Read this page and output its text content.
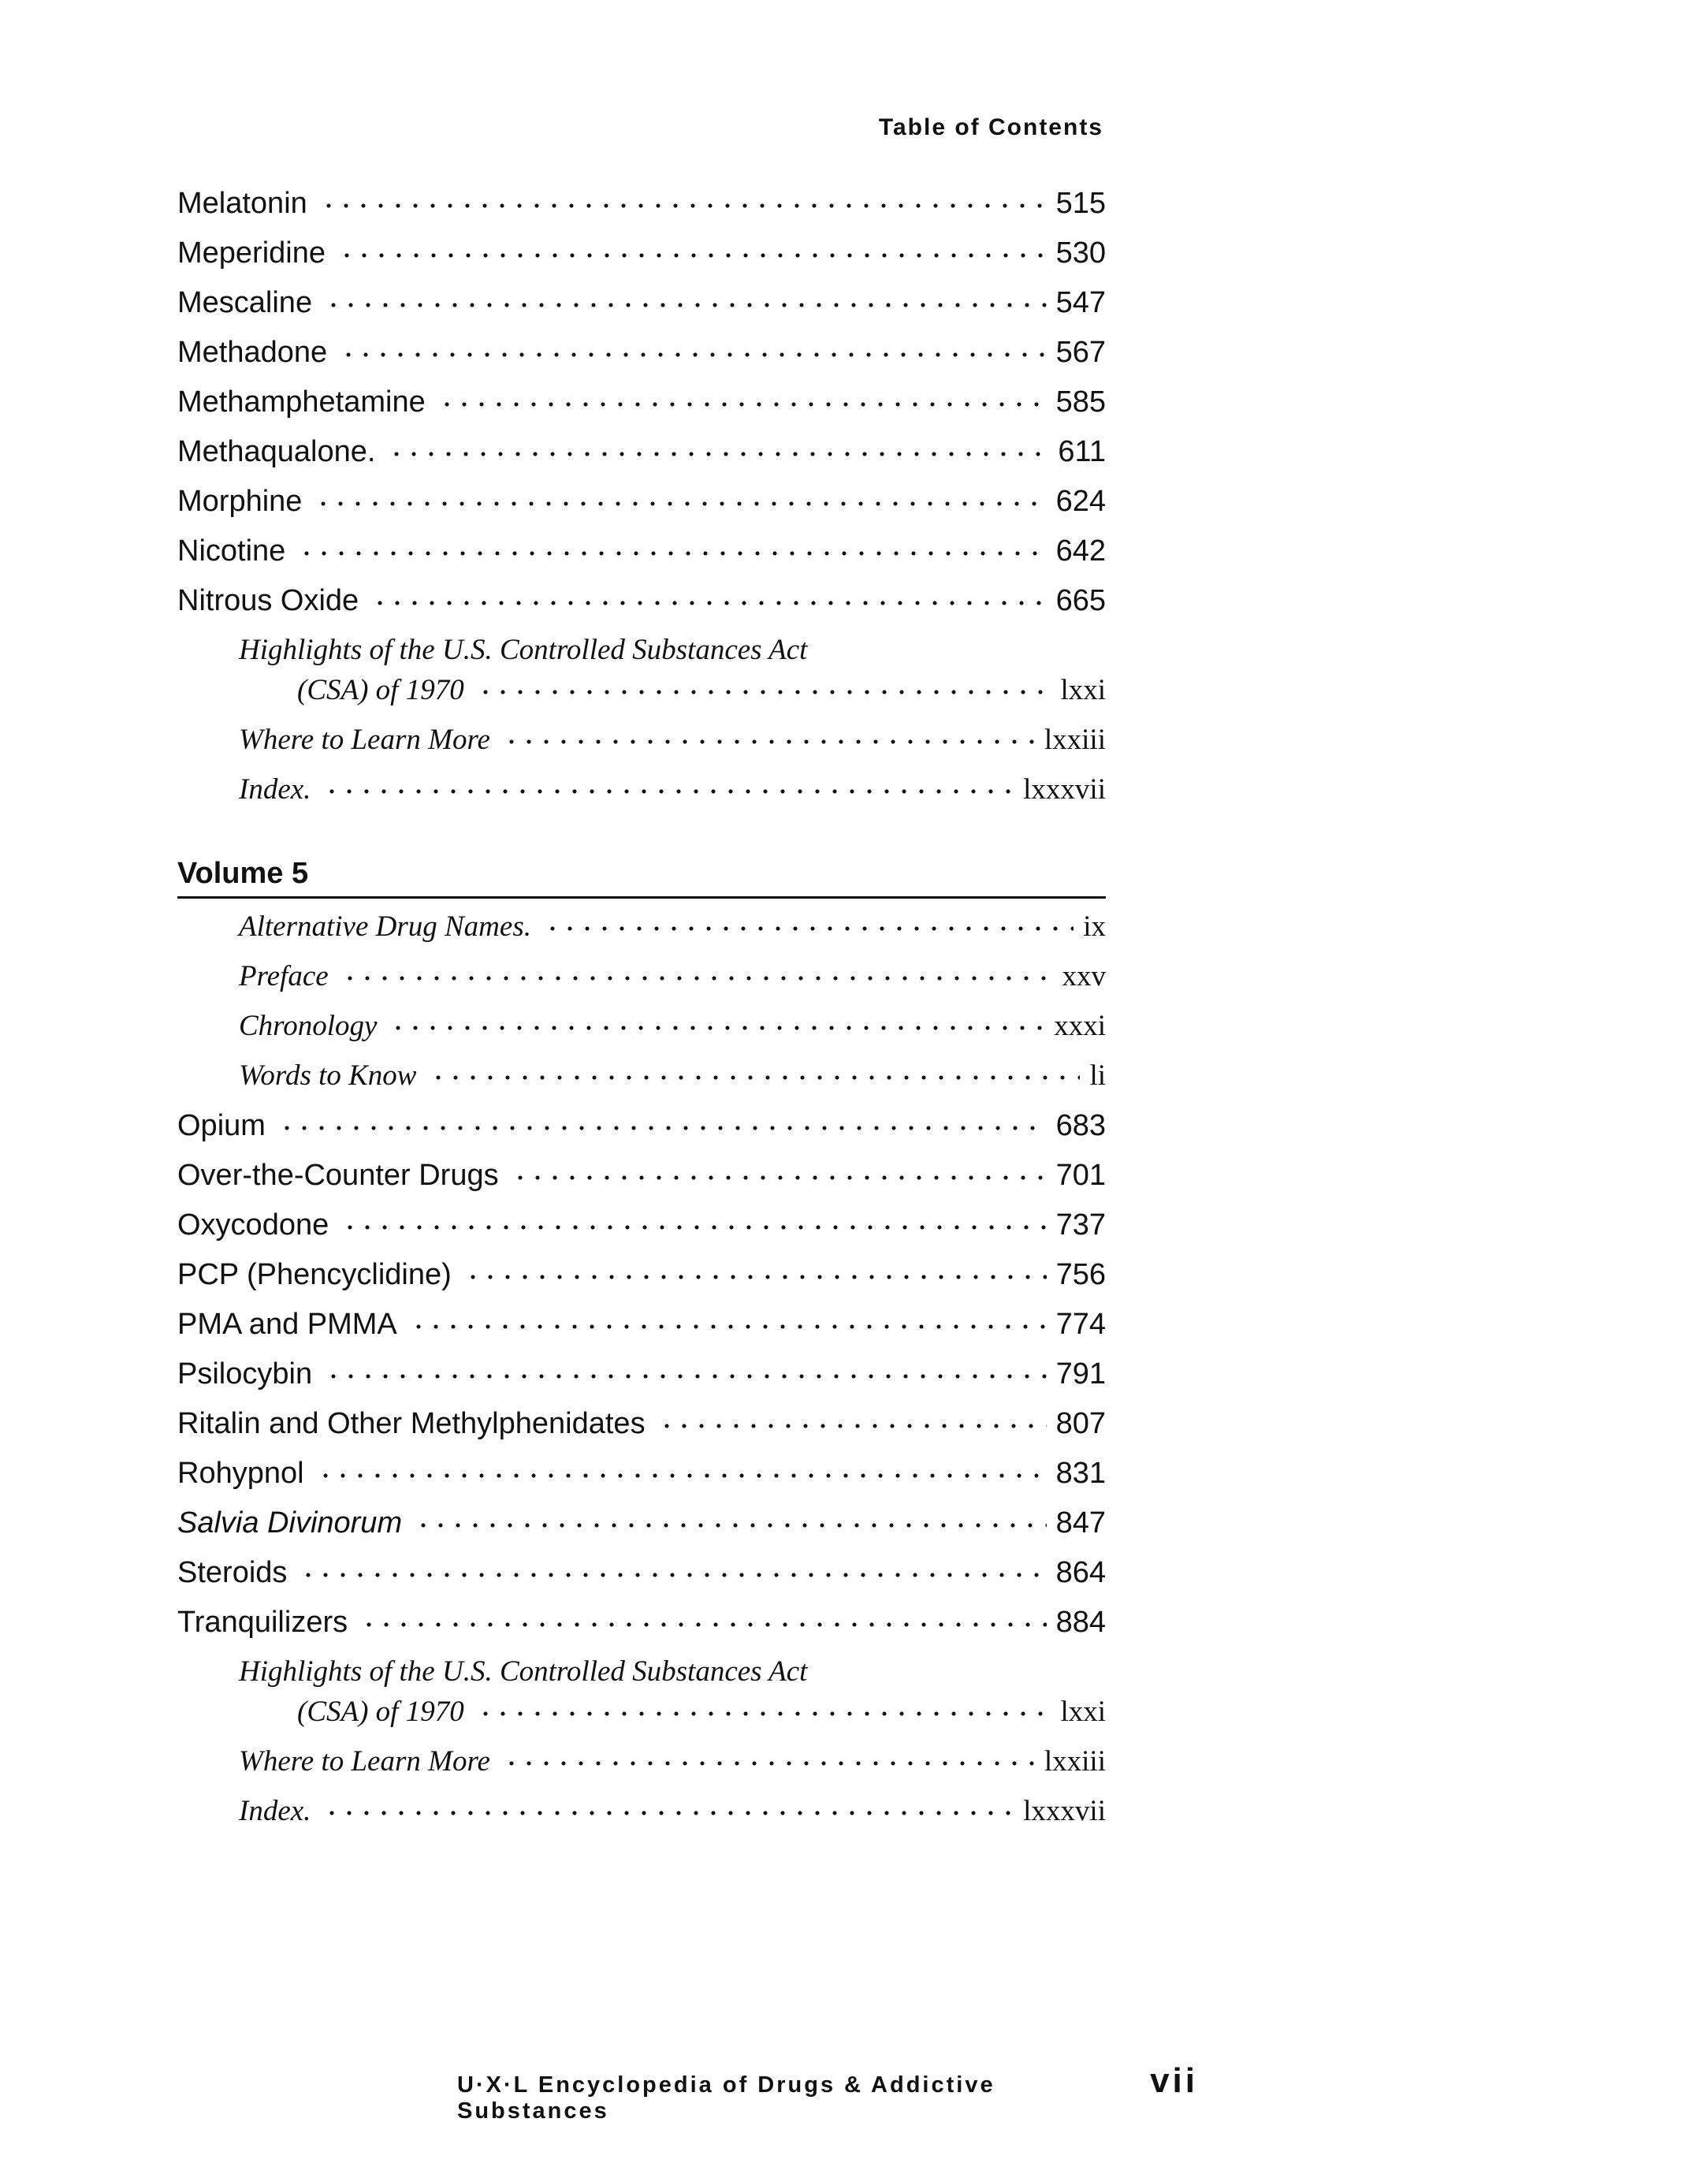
Table of Contents
Melatonin	515
Meperidine	530
Mescaline	547
Methadone	567
Methamphetamine	585
Methaqualone.	611
Morphine	624
Nicotine	642
Nitrous Oxide	665
Highlights of the U.S. Controlled Substances Act
(CSA) of 1970	lxxi
Where to Learn More	lxxiii
Index.	lxxxvii
Volume 5
Alternative Drug Names.	ix
Preface	xxv
Chronology	xxxi
Words to Know	li
Opium	683
Over-the-Counter Drugs	701
Oxycodone	737
PCP (Phencyclidine)	756
PMA and PMMA	774
Psilocybin	791
Ritalin and Other Methylphenidates	807
Rohypnol	831
Salvia Divinorum	847
Steroids	864
Tranquilizers	884
Highlights of the U.S. Controlled Substances Act
(CSA) of 1970	lxxi
Where to Learn More	lxxiii
Index.	lxxxvii
U·X·L Encyclopedia of Drugs & Addictive Substances
vii
